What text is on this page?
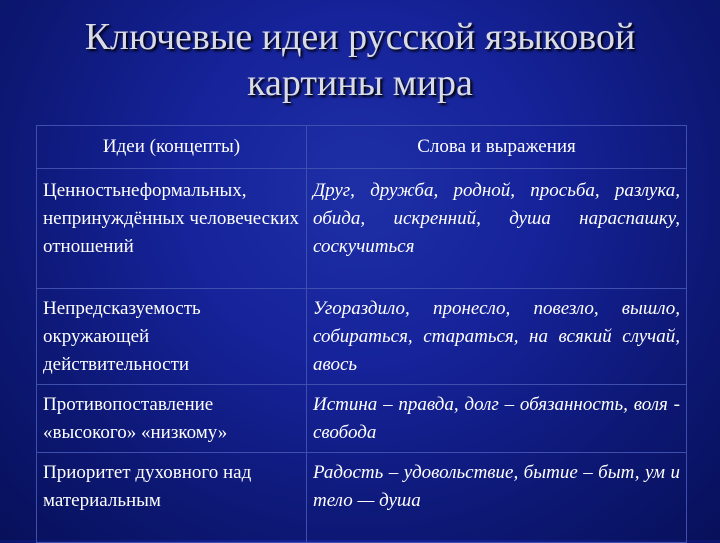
Ключевые идеи русской языковой
картины мира
Идеи (концепты)	Слова и выражения

Ценностьнеформальных, непринуждённых человеческих отношений	Друг, дружба, родной, просьба, разлука, обида, искренний, душа нараспашку, соскучиться

Непредсказуемость окружающей действительности	Угораздило, пронесло, повезло, вышло, собираться, стараться, на всякий случай, авось

Противопоставление «высокого» «низкому»	Истина – правда, долг – обязанность, воля - свобода

Приоритет духовного над материальным	Радость – удовольствие, бытие – быт, ум и тело — душа
